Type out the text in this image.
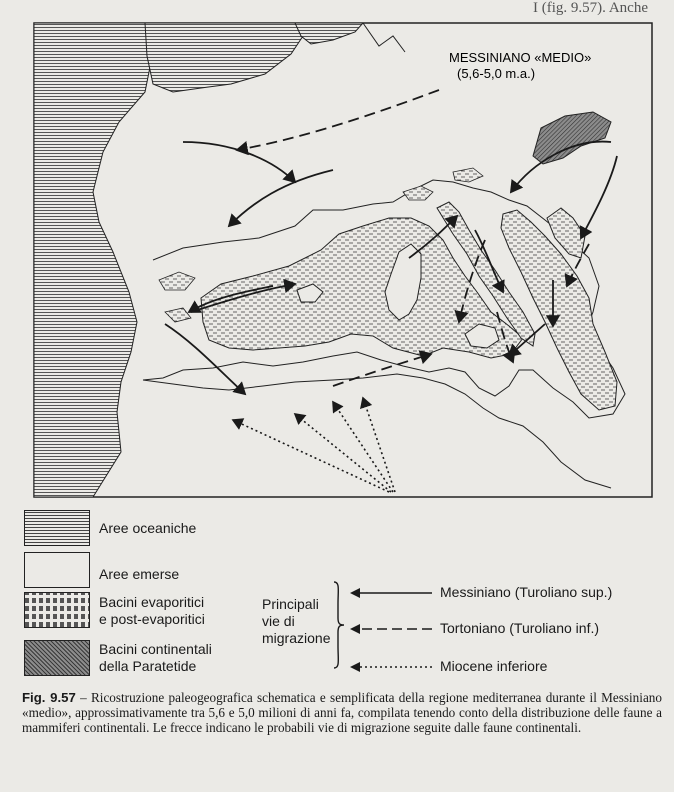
I (fig. 9.57). Anche
MESSINIANO «MEDIO»
(5,6-5,0 m.a.)
Aree oceaniche
Aree emerse
Bacini evaporitici
e post-evaporitici
Bacini continentali
della Paratetide
Principali
vie di
migrazione
Messiniano (Turoliano sup.)
Tortoniano (Turoliano inf.)
Miocene inferiore
Fig. 9.57 – Ricostruzione paleogeografica schematica e semplificata della regione mediterranea durante il Messiniano «medio», approssimativamente tra 5,6 e 5,0 milioni di anni fa, compilata tenendo conto della distribuzione delle faune a mammiferi continentali. Le frecce indicano le probabili vie di migrazione seguite dalle faune continentali.
